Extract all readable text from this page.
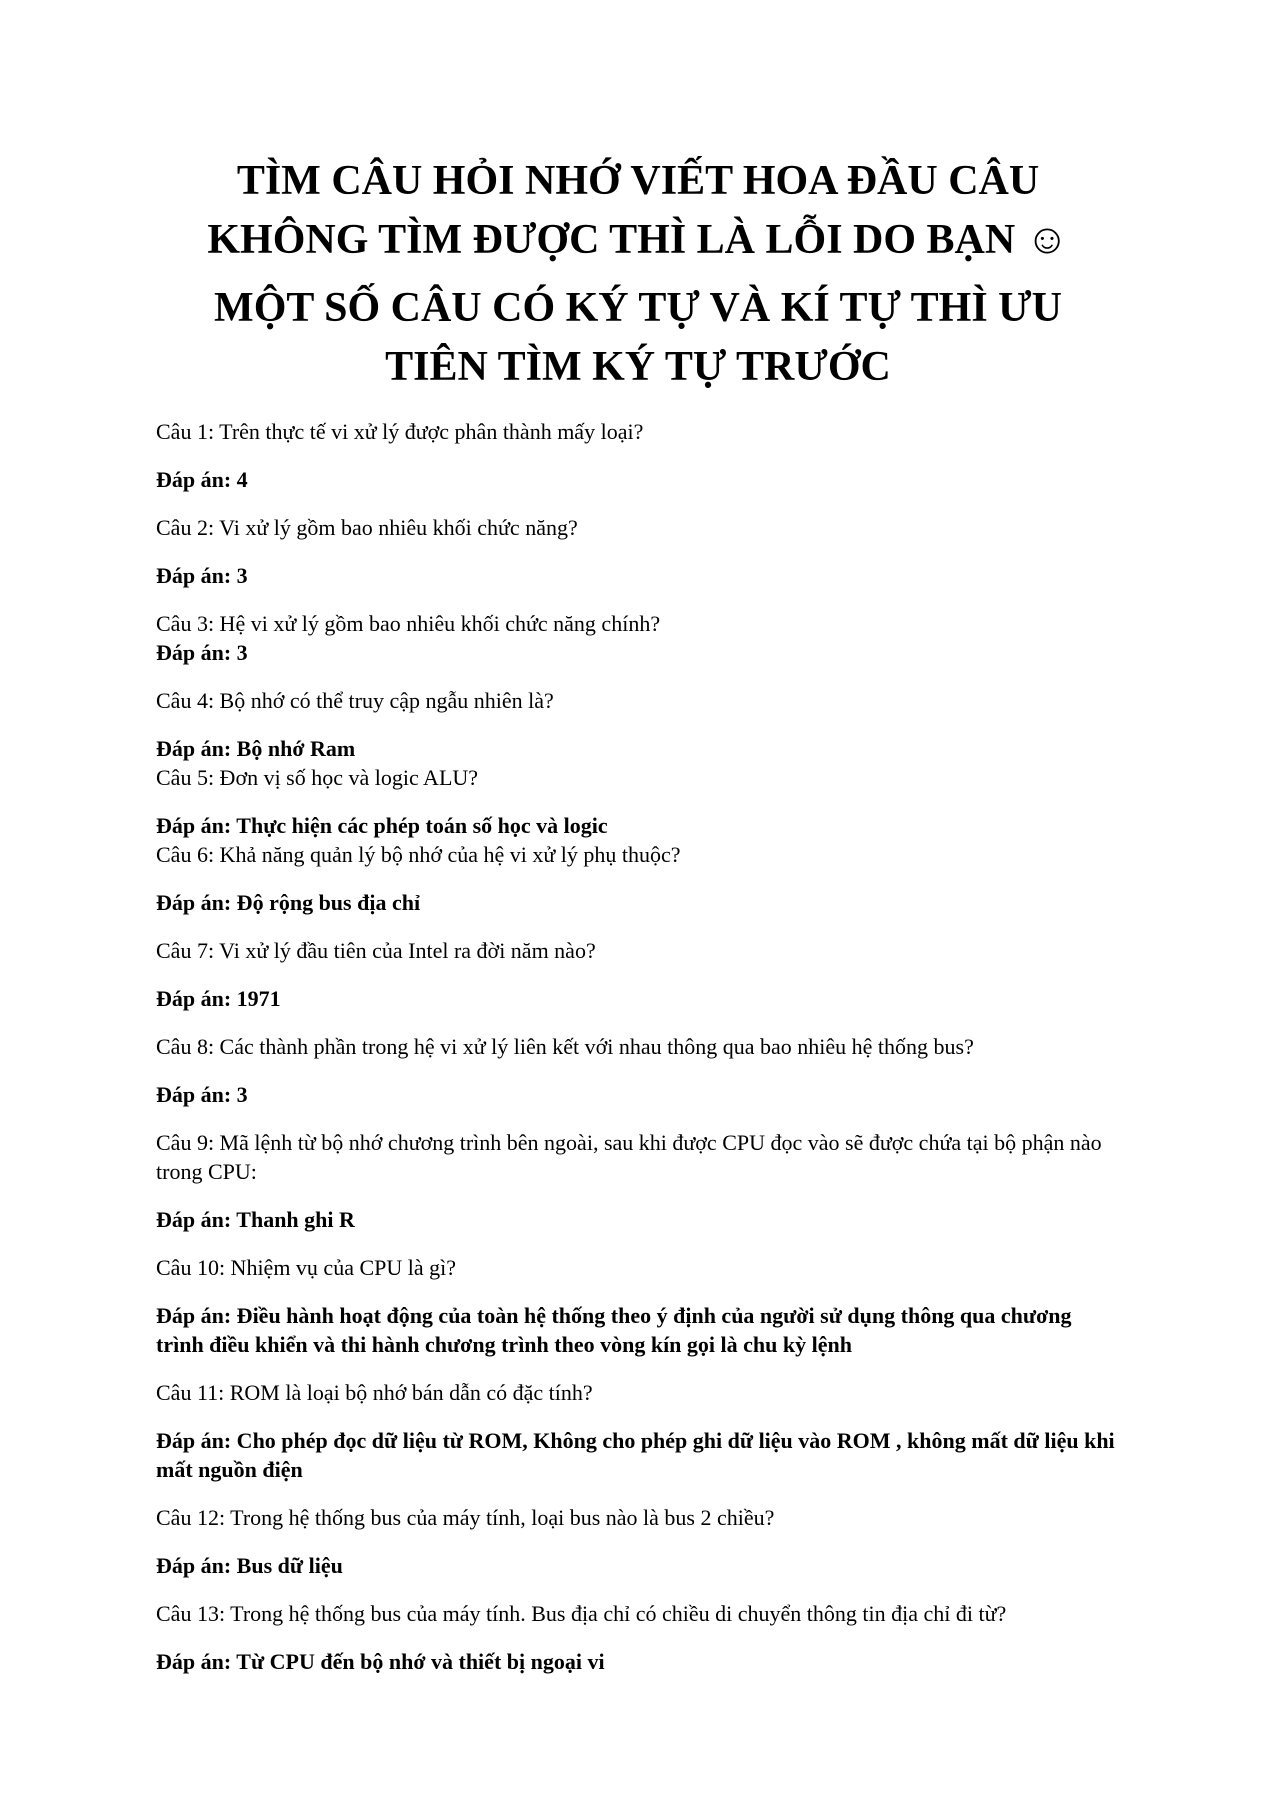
TÌM CÂU HỎI NHỚ VIẾT HOA ĐẦU CÂU
KHÔNG TÌM ĐƯỢC THÌ LÀ LỖI DO BẠN ☺
MỘT SỐ CÂU CÓ KÝ TỰ VÀ KÍ TỰ THÌ ƯU
TIÊN TÌM KÝ TỰ TRƯỚC

Câu 1: Trên thực tế vi xử lý được phân thành mấy loại?

Đáp án: 4

Câu 2: Vi xử lý gồm bao nhiêu khối chức năng?

Đáp án: 3

Câu 3: Hệ vi xử lý gồm bao nhiêu khối chức năng chính?

Đáp án: 3

Câu 4: Bộ nhớ có thể truy cập ngẫu nhiên là?

Đáp án: Bộ nhớ Ram

Câu 5: Đơn vị số học và logic ALU?

Đáp án: Thực hiện các phép toán số học và logic

Câu 6: Khả năng quản lý bộ nhớ của hệ vi xử lý phụ thuộc?

Đáp án: Độ rộng bus địa chỉ

Câu 7: Vi xử lý đầu tiên của Intel ra đời năm nào?

Đáp án: 1971

Câu 8: Các thành phần trong hệ vi xử lý liên kết với nhau thông qua bao nhiêu hệ thống bus?

Đáp án: 3

Câu 9: Mã lệnh từ bộ nhớ chương trình bên ngoài, sau khi được CPU đọc vào sẽ được chứa tại bộ phận nào trong CPU:

Đáp án: Thanh ghi R

Câu 10: Nhiệm vụ của CPU là gì?

Đáp án: Điều hành hoạt động của toàn hệ thống theo ý định của người sử dụng thông qua chương trình điều khiển và thi hành chương trình theo vòng kín gọi là chu kỳ lệnh

Câu 11: ROM là loại bộ nhớ bán dẫn có đặc tính?

Đáp án: Cho phép đọc dữ liệu từ ROM, Không cho phép ghi dữ liệu vào ROM , không mất dữ liệu khi mất nguồn điện

Câu 12: Trong hệ thống bus của máy tính, loại bus nào là bus 2 chiều?

Đáp án: Bus dữ liệu

Câu 13: Trong hệ thống bus của máy tính. Bus địa chỉ có chiều di chuyển thông tin địa chỉ đi từ?

Đáp án: Từ CPU đến bộ nhớ và thiết bị ngoại vi
